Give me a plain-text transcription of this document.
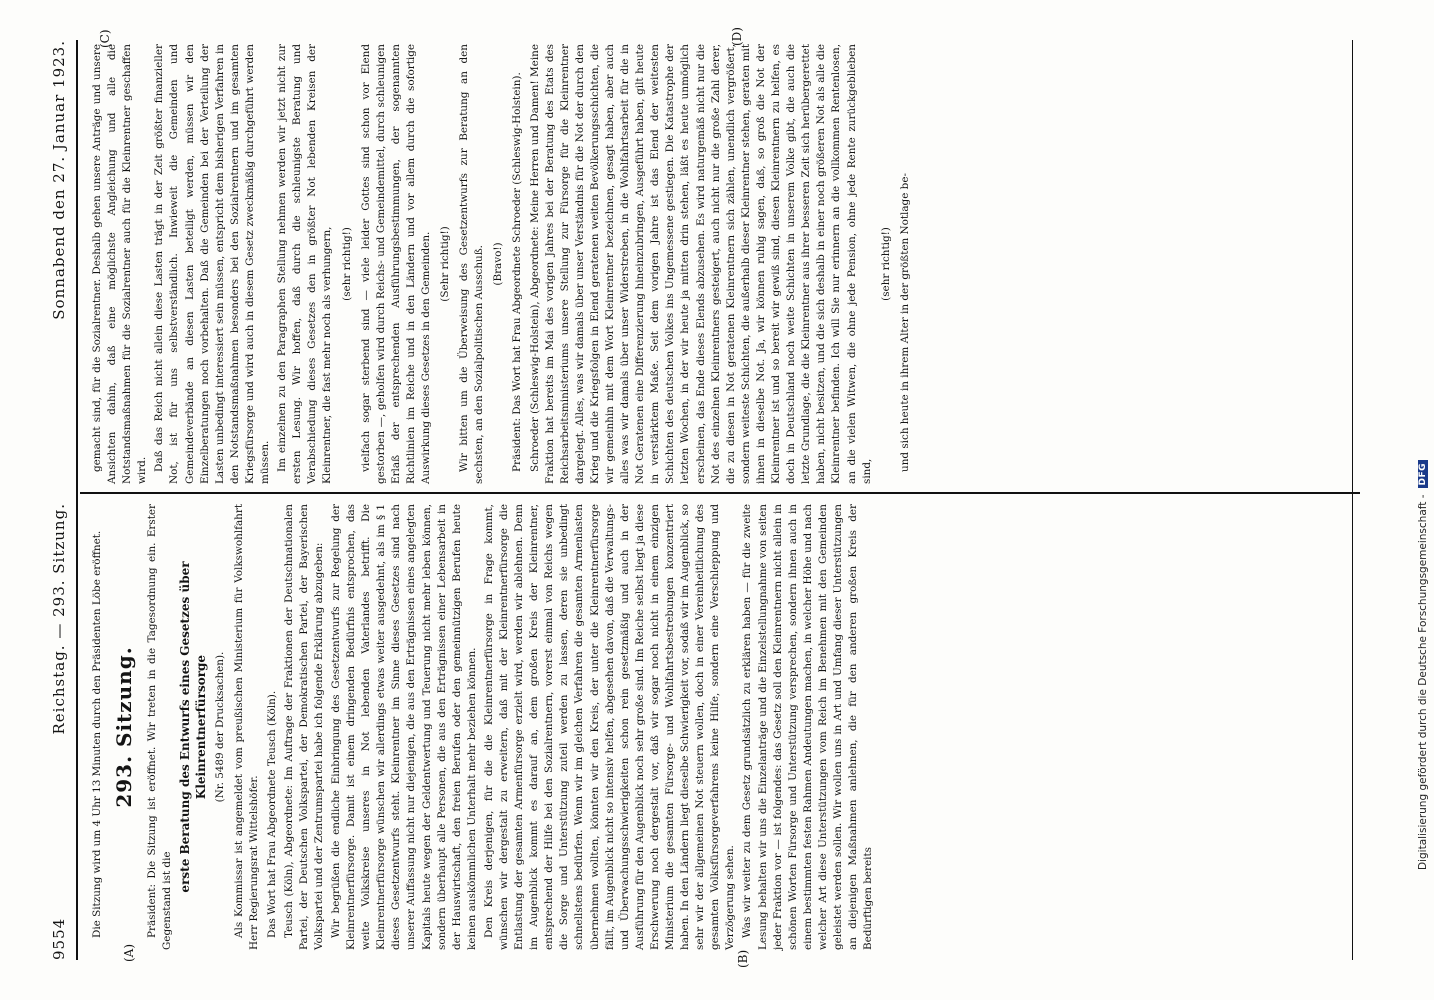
9554
Reichstag. — 293. Sitzung.
Sonnabend den 27. Januar 1923.
(A)	(B)
(C)	(D)

Die Sitzung wird um 4 Uhr 13 Minuten durch den Präsidenten Löbe eröffnet. 293. Sitzung. Präsident: Die Sitzung ist eröffnet. Wir treten in die Tagesordnung ein. Erster Gegenstand ist die

erste Beratung des Entwurfs eines Gesetzes über Kleinrentnerfürsorge (Nr. 5489 der Drucksachen). Als Kommissar ist angemeldet vom preußischen Ministerium für Volkswohlfahrt Herr Regierungsrat Wittelshöfer. Das Wort hat Frau Abgeordnete Teusch (Köln). Teusch (Köln), Abgeordnete: Im Auftrage der Fraktionen der Deutschnationalen Partei, der Deutschen Volkspartei, der Demokratischen Partei, der Bayerischen Volkspartei und der Zentrumspartei habe ich folgende Erklärung abzugeben: Wir begrüßen die endliche Einbringung des Gesetzentwurfs zur Regelung der Kleinrentnerfürsorge. Damit ist einem dringenden Bedürfnis entsprochen, das weite Volkskreise unseres in Not lebenden Vaterlandes betrifft. Die Kleinrentnerfürsorge wünschen wir allerdings etwas weiter ausgedehnt, als im § 1 dieses Gesetzentwurfs steht. Kleinrentner im Sinne dieses Gesetzes sind nach unserer Auffassung nicht nur diejenigen, die aus den Erträgnissen eines angelegten Kapitals heute wegen der Geldentwertung und Teuerung nicht mehr leben können, sondern überhaupt alle Personen, die aus den Erträgnissen einer Lebensarbeit in der Hauswirtschaft, den freien Berufen oder den gemeinnützigen Berufen heute keinen auskömmlichen Unterhalt mehr beziehen können. Den Kreis derjenigen, für die die Kleinrentnerfürsorge in Frage kommt, wünschen wir dergestalt zu erweitern, daß mit der Kleinrentnerfürsorge die Entlastung der gesamten Armenfürsorge erzielt wird, werden wir ablehnen. Denn im Augenblick kommt es darauf an, dem großen Kreis der Kleinrentner, entsprechend der Hilfe bei den Sozialrentnern, vorerst einmal von Reichs wegen die Sorge und Unterstützung zuteil werden zu lassen, deren sie unbedingt schnellstens bedürfen. Wenn wir im gleichen Verfahren die gesamten Armenlasten übernehmen wollten, könnten wir den Kreis, der unter die Kleinrentnerfürsorge fällt, im Augenblick nicht so intensiv helfen, abgesehen davon, daß die Verwaltungs- und Überwachungsschwierigkeiten schon rein gesetzmäßig und auch in der Ausführung für den Augenblick noch sehr große sind. Im Reiche selbst liegt ja diese Erschwerung noch dergestalt vor, daß wir sogar noch nicht in einem einzigen Ministerium die gesamten Fürsorge- und Wohlfahrtsbestrebungen konzentriert haben. In den Ländern liegt dieselbe Schwierigkeit vor, sodaß wir im Augenblick, so sehr wir der allgemeinen Not steuern wollen, doch in einer Vereinheitlichung des gesamten Volksfürsorgeverfahrens keine Hilfe, sondern eine Verschleppung und Verzögerung sehen. Was wir weiter zu dem Gesetz grundsätzlich zu erklären haben — für die zweite Lesung behalten wir uns die Einzelanträge und die Einzelstellungnahme von seiten jeder Fraktion vor — ist folgendes: das Gesetz soll den Kleinrentnern nicht allein in schönen Worten Fürsorge und Unterstützung versprechen, sondern ihnen auch in einem bestimmten festen Rahmen Andeutungen machen, in welcher Höhe und nach welcher Art diese Unterstützungen vom Reich im Benehmen mit den Gemeinden geleistet werden sollen. Wir wollen uns in Art und Umfang dieser Unterstützungen an diejenigen Maßnahmen anlehnen, die für den anderen großen Kreis der Bedürftigen bereits

gemacht sind, für die Sozialrentner. Deshalb gehen unsere Anträge und unsere Ansichten dahin, daß eine möglichste Angleichung und alle die Notstandsmaßnahmen für die Sozialrentner auch für die Kleinrentner geschaffen wird. Daß das Reich nicht allein diese Lasten trägt in der Zeit größter finanzieller Not, ist für uns selbstverständlich. Inwieweit die Gemeinden und Gemeindeverbände an diesen Lasten beteiligt werden, müssen wir den Einzelberatungen noch vorbehalten. Daß die Gemeinden bei der Verteilung der Lasten unbedingt interessiert sein müssen, entspricht dem bisherigen Verfahren in den Notstandsmaßnahmen besonders bei den Sozialrentnern und im gesamten Kriegsfürsorge und wird auch in diesem Gesetz zweckmäßig durchgeführt werden müssen. Im einzelnen zu den Paragraphen Stellung nehmen werden wir jetzt nicht zur ersten Lesung. Wir hoffen, daß durch die schleunigste Beratung und Verabschiedung dieses Gesetzes den in größter Not lebenden Kreisen der Kleinrentner, die fast mehr noch als verhungern, (sehr richtig!) vielfach sogar sterbend sind — viele leider Gottes sind schon vor Elend gestorben —, geholfen wird durch Reichs- und Gemeindemittel, durch schleunigen Erlaß der entsprechenden Ausführungsbestimmungen, der sogenannten Richtlinien im Reiche und in den Ländern und vor allem durch die sofortige Auswirkung dieses Gesetzes in den Gemeinden. (Sehr richtig!) Wir bitten um die Überweisung des Gesetzentwurfs zur Beratung an den sechsten, an den Sozialpolitischen Ausschuß. (Bravo!) Präsident: Das Wort hat Frau Abgeordnete Schroeder (Schleswig-Holstein). Schroeder (Schleswig-Holstein), Abgeordnete: Meine Herren und Damen! Meine Fraktion hat bereits im Mai des vorigen Jahres bei der Beratung des Etats des Reichsarbeitsministeriums unsere Stellung zur Fürsorge für die Kleinrentner dargelegt. Alles, was wir damals über unser Verständnis für die Not der durch den Krieg und die Kriegsfolgen in Elend geratenen weiten Bevölkerungsschichten, die wir gemeinhin mit dem Wort Kleinrentner bezeichnen, gesagt haben, aber auch alles was wir damals über unser Widerstreben, in die Wohlfahrtsarbeit für die in Not Geratenen eine Differenzierung hineinzubringen, Ausgeführt haben, gilt heute in verstärktem Maße. Seit dem vorigen Jahre ist das Elend der weitesten Schichten des deutschen Volkes ins Ungemessene gestiegen. Die Katastrophe der letzten Wochen, in der wir heute ja mitten drin stehen, läßt es heute unmöglich erscheinen, das Ende dieses Elends abzusehen. Es wird naturgemäß nicht nur die Not des einzelnen Kleinrentners gesteigert, auch nicht nur die große Zahl derer, die zu diesen in Not geratenen Kleinrentnern sich zählen, unendlich vergrößert, sondern weiteste Schichten, die außerhalb dieser Kleinrentner stehen, geraten mit ihnen in dieselbe Not. Ja, wir können ruhig sagen, daß, so groß die Not der Kleinrentner ist und so bereit wir gewiß sind, diesen Kleinrentnern zu helfen, es doch in Deutschland noch weite Schichten in unserem Volke gibt, die auch die letzte Grundlage, die die Kleinrentner aus ihrer besseren Zeit sich herübergerettet haben, nicht besitzen, und die sich deshalb in einer noch größeren Not als alle die Kleinrentner befinden. Ich will Sie nur erinnern an die vollkommen Rentenlosen, an die vielen Witwen, die ohne jede Pension, ohne jede Rente zurückgeblieben sind,

(sehr richtig!) und sich heute in ihrem Alter in der größten Notlage be-

Digitalisierung gefördert durch die Deutsche Forschungsgemeinschaft -
DFG
